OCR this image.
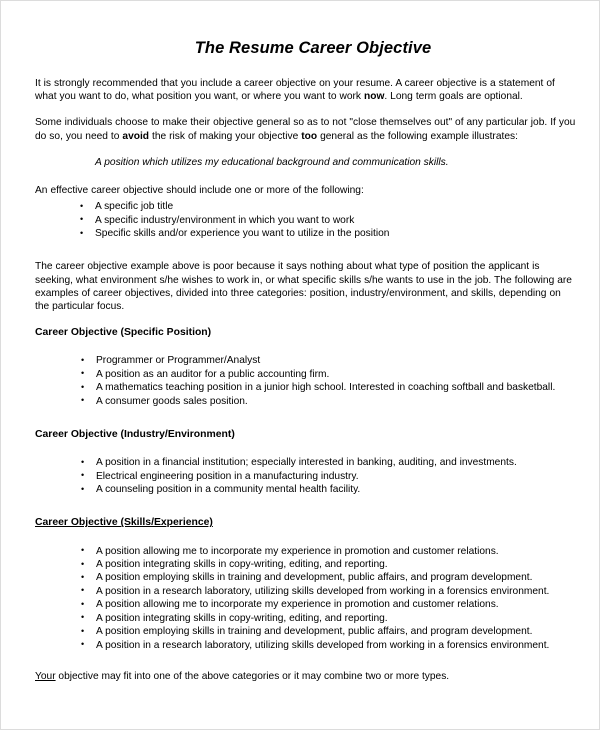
The Resume Career Objective

It is strongly recommended that you include a career objective on your resume. A career objective is a statement of what you want to do, what position you want, or where you want to work now. Long term goals are optional.

Some individuals choose to make their objective general so as to not "close themselves out" of any particular job. If you do so, you need to avoid the risk of making your objective too general as the following example illustrates:

A position which utilizes my educational background and communication skills.

An effective career objective should include one or more of the following:

• A specific job title
• A specific industry/environment in which you want to work
• Specific skills and/or experience you want to utilize in the position

The career objective example above is poor because it says nothing about what type of position the applicant is seeking, what environment s/he wishes to work in, or what specific skills s/he wants to use in the job. The following are examples of career objectives, divided into three categories: position, industry/environment, and skills, depending on the particular focus.

Career Objective (Specific Position)
• Programmer or Programmer/Analyst
• A position as an auditor for a public accounting firm.
• A mathematics teaching position in a junior high school. Interested in coaching softball and basketball.
• A consumer goods sales position.
Career Objective (Industry/Environment)
• A position in a financial institution; especially interested in banking, auditing, and investments.
• Electrical engineering position in a manufacturing industry.
• A counseling position in a community mental health facility.
Career Objective (Skills/Experience)
• A position allowing me to incorporate my experience in promotion and customer relations.
• A position integrating skills in copy-writing, editing, and reporting.
• A position employing skills in training and development, public affairs, and program development.
• A position in a research laboratory, utilizing skills developed from working in a forensics environment.
• A position allowing me to incorporate my experience in promotion and customer relations.
• A position integrating skills in copy-writing, editing, and reporting.
• A position employing skills in training and development, public affairs, and program development.
• A position in a research laboratory, utilizing skills developed from working in a forensics environment.

Your objective may fit into one of the above categories or it may combine two or more types.
